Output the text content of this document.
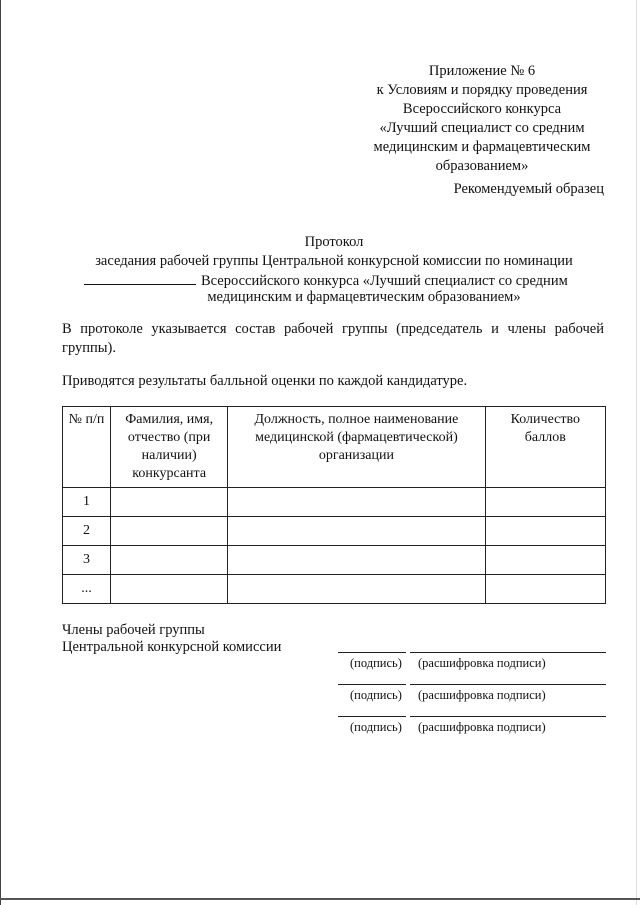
Приложение № 6
к Условиям и порядку проведения
Всероссийского конкурса
«Лучший специалист со средним
медицинским и фармацевтическим
образованием»
Рекомендуемый образец
Протокол
заседания рабочей группы Центральной конкурсной комиссии по номинации
Всероссийского конкурса «Лучший специалист со средним
медицинским и фармацевтическим образованием»
В протоколе указывается состав рабочей группы (председатель и члены рабочей группы).
Приводятся результаты балльной оценки по каждой кандидатуре.
№ п/п	Фамилия, имя, отчество (при наличии) конкурсанта	Должность, полное наименование медицинской (фармацевтической) организации	Количество баллов
1			
2			
3			
...			
Члены рабочей группы
Центральной конкурсной комиссии
(подпись) (расшифровка подписи)
(подпись) (расшифровка подписи)
(подпись) (расшифровка подписи)
